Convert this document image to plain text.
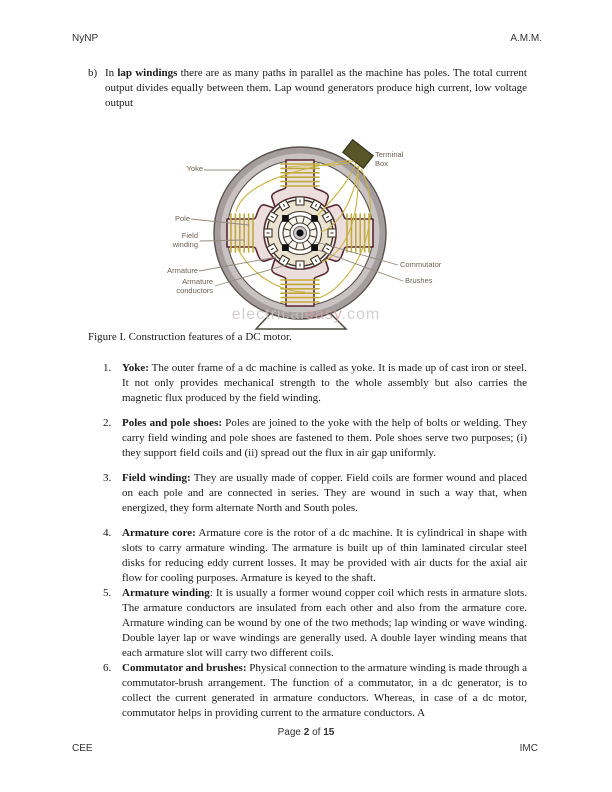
NyNP	A.M.M.
b) In lap windings there are as many paths in parallel as the machine has poles. The total current output divides equally between them. Lap wound generators produce high current, low voltage output
Yoke
Pole
Field
winding
Armature
Armature
conductors
Terminal
Box
Commutator
Brushes
electricaleasy.com
Figure I. Construction features of a DC motor.
1. Yoke: The outer frame of a dc machine is called as yoke. It is made up of cast iron or steel. It not only provides mechanical strength to the whole assembly but also carries the magnetic flux produced by the field winding.
2. Poles and pole shoes: Poles are joined to the yoke with the help of bolts or welding. They carry field winding and pole shoes are fastened to them. Pole shoes serve two purposes; (i) they support field coils and (ii) spread out the flux in air gap uniformly.
3. Field winding: They are usually made of copper. Field coils are former wound and placed on each pole and are connected in series. They are wound in such a way that, when energized, they form alternate North and South poles.
4. Armature core: Armature core is the rotor of a dc machine. It is cylindrical in shape with slots to carry armature winding. The armature is built up of thin laminated circular steel disks for reducing eddy current losses. It may be provided with air ducts for the axial air flow for cooling purposes. Armature is keyed to the shaft.
5. Armature winding: It is usually a former wound copper coil which rests in armature slots. The armature conductors are insulated from each other and also from the armature core. Armature winding can be wound by one of the two methods; lap winding or wave winding. Double layer lap or wave windings are generally used. A double layer winding means that each armature slot will carry two different coils.
6. Commutator and brushes: Physical connection to the armature winding is made through a commutator-brush arrangement. The function of a commutator, in a dc generator, is to collect the current generated in armature conductors. Whereas, in case of a dc motor, commutator helps in providing current to the armature conductors. A
Page 2 of 15
CEE	IMC
